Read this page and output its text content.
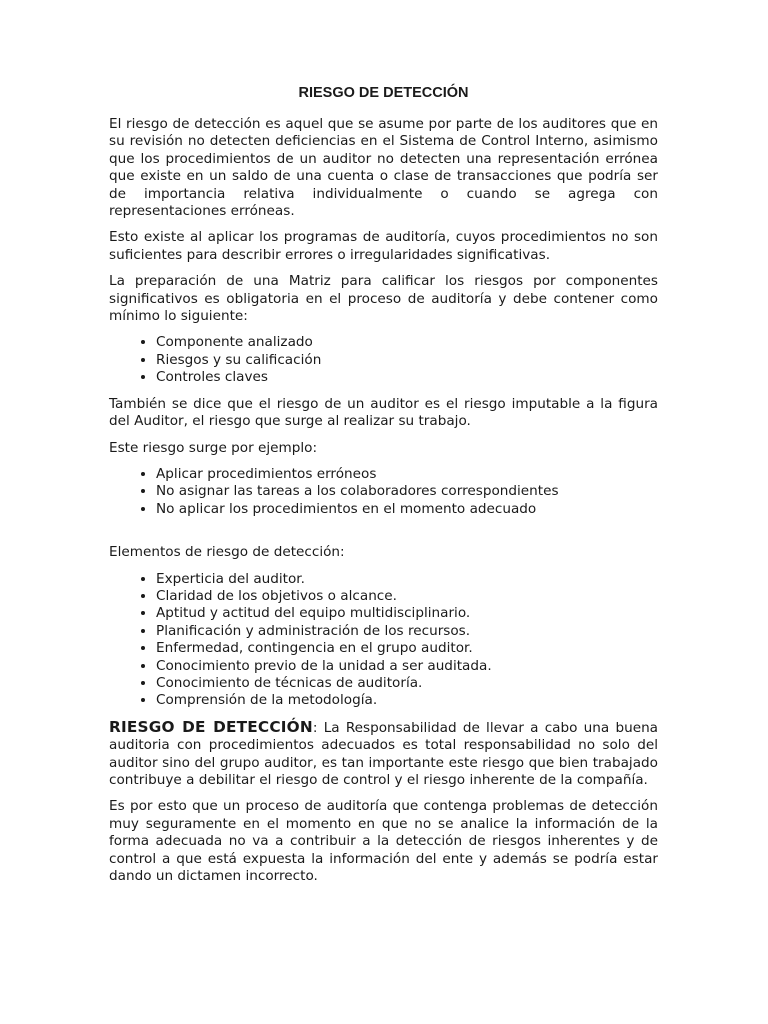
RIESGO DE DETECCIÓN

El riesgo de detección es aquel que se asume por parte de los auditores que en su revisión no detecten deficiencias en el Sistema de Control Interno, asimismo que los procedimientos de un auditor no detecten una representación errónea que existe en un saldo de una cuenta o clase de transacciones que podría ser de importancia relativa individualmente o cuando se agrega con representaciones erróneas.

Esto existe al aplicar los programas de auditoría, cuyos procedimientos no son suficientes para describir errores o irregularidades significativas.

La preparación de una Matriz para calificar los riesgos por componentes significativos es obligatoria en el proceso de auditoría y debe contener como mínimo lo siguiente:

• Componente analizado
• Riesgos y su calificación
• Controles claves

También se dice que el riesgo de un auditor es el riesgo imputable a la figura del Auditor, el riesgo que surge al realizar su trabajo.

Este riesgo surge por ejemplo:

• Aplicar procedimientos erróneos
• No asignar las tareas a los colaboradores correspondientes
• No aplicar los procedimientos en el momento adecuado

Elementos de riesgo de detección:

• Experticia del auditor.
• Claridad de los objetivos o alcance.
• Aptitud y actitud del equipo multidisciplinario.
• Planificación y administración de los recursos.
• Enfermedad, contingencia en el grupo auditor.
• Conocimiento previo de la unidad a ser auditada.
• Conocimiento de técnicas de auditoría.
• Comprensión de la metodología.

RIESGO DE DETECCIÓN: La Responsabilidad de llevar a cabo una buena auditoria con procedimientos adecuados es total responsabilidad no solo del auditor sino del grupo auditor, es tan importante este riesgo que bien trabajado contribuye a debilitar el riesgo de control y el riesgo inherente de la compañía.

Es por esto que un proceso de auditoría que contenga problemas de detección muy seguramente en el momento en que no se analice la información de la forma adecuada no va a contribuir a la detección de riesgos inherentes y de control a que está expuesta la información del ente y además se podría estar dando un dictamen incorrecto.
